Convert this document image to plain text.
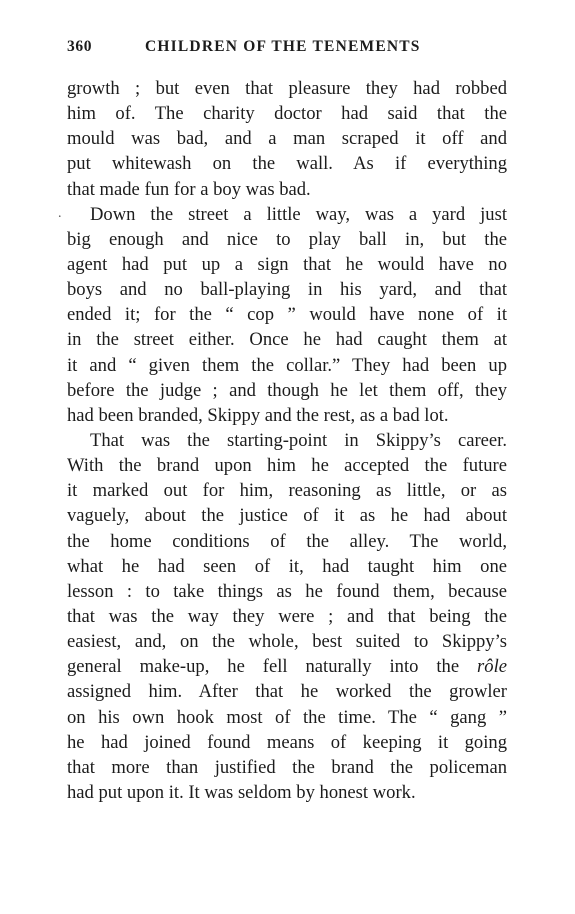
360	CHILDREN OF THE TENEMENTS
.
growth ; but even that pleasure they had robbed
him of. The charity doctor had said that the
mould was bad, and a man scraped it off and
put whitewash on the wall. As if everything
that made fun for a boy was bad.
Down the street a little way, was a yard just
big enough and nice to play ball in, but the
agent had put up a sign that he would have no
boys and no ball-playing in his yard, and that
ended it; for the “ cop ” would have none of it
in the street either. Once he had caught them at
it and “ given them the collar.” They had been up
before the judge ; and though he let them off, they
had been branded, Skippy and the rest, as a bad lot.
That was the starting-point in Skippy’s career.
With the brand upon him he accepted the future
it marked out for him, reasoning as little, or as
vaguely, about the justice of it as he had about
the home conditions of the alley. The world,
what he had seen of it, had taught him one
lesson : to take things as he found them, because
that was the way they were ; and that being the
easiest, and, on the whole, best suited to Skippy’s
general make-up, he fell naturally into the rôle
assigned him. After that he worked the growler
on his own hook most of the time. The “ gang ”
he had joined found means of keeping it going
that more than justified the brand the policeman
had put upon it. It was seldom by honest work.
